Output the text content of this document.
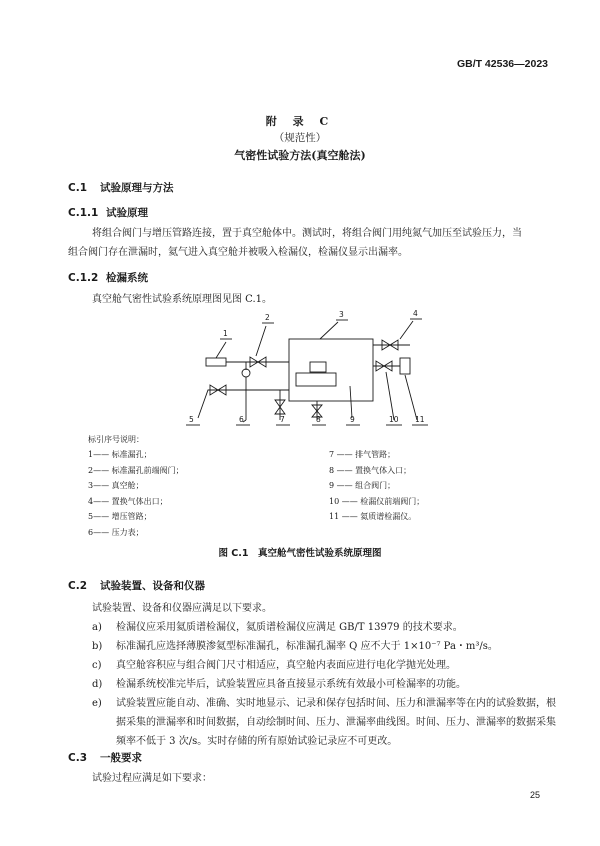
GB/T 42536—2023
附 录 C
（规范性）
气密性试验方法(真空舱法)
C.1 试验原理与方法
C.1.1 试验原理
将组合阀门与增压管路连接，置于真空舱体中。测试时，将组合阀门用纯氮气加压至试验压力，当
组合阀门存在泄漏时，氦气进入真空舱并被吸入检漏仪，检漏仪显示出漏率。
C.1.2 检漏系统
真空舱气密性试验系统原理图见图 C.1。
1
2	3	4
5	6	7	8	9	10 11
标引序号说明：
1—— 标准漏孔；
2—— 标准漏孔前端阀门；
3—— 真空舱；
4—— 置换气体出口；
5—— 增压管路；
6—— 压力表；
7 —— 排气管路；
8 —— 置换气体入口；
9 —— 组合阀门；
10 —— 检漏仪前端阀门；
11 —— 氦质谱检漏仪。
图 C.1　真空舱气密性试验系统原理图
C.2 试验装置、设备和仪器
试验装置、设备和仪器应满足以下要求。
a) 检漏仪应采用氦质谱检漏仪，氦质谱检漏仪应满足 GB/T 13979 的技术要求。
b) 标准漏孔应选择薄膜渗氦型标准漏孔，标准漏孔漏率 Q 应不大于 1×10⁻⁷ Pa・m³/s。
c) 真空舱容积应与组合阀门尺寸相适应，真空舱内表面应进行电化学抛光处理。
d) 检漏系统校准完毕后，试验装置应具备直接显示系统有效最小可检漏率的功能。
e) 试验装置应能自动、准确、实时地显示、记录和保存包括时间、压力和泄漏率等在内的试验数据，根据采集的泄漏率和时间数据，自动绘制时间、压力、泄漏率曲线图。时间、压力、泄漏率的数据采集频率不低于 3 次/s。实时存储的所有原始试验记录应不可更改。
C.3 一般要求
试验过程应满足如下要求：
25
